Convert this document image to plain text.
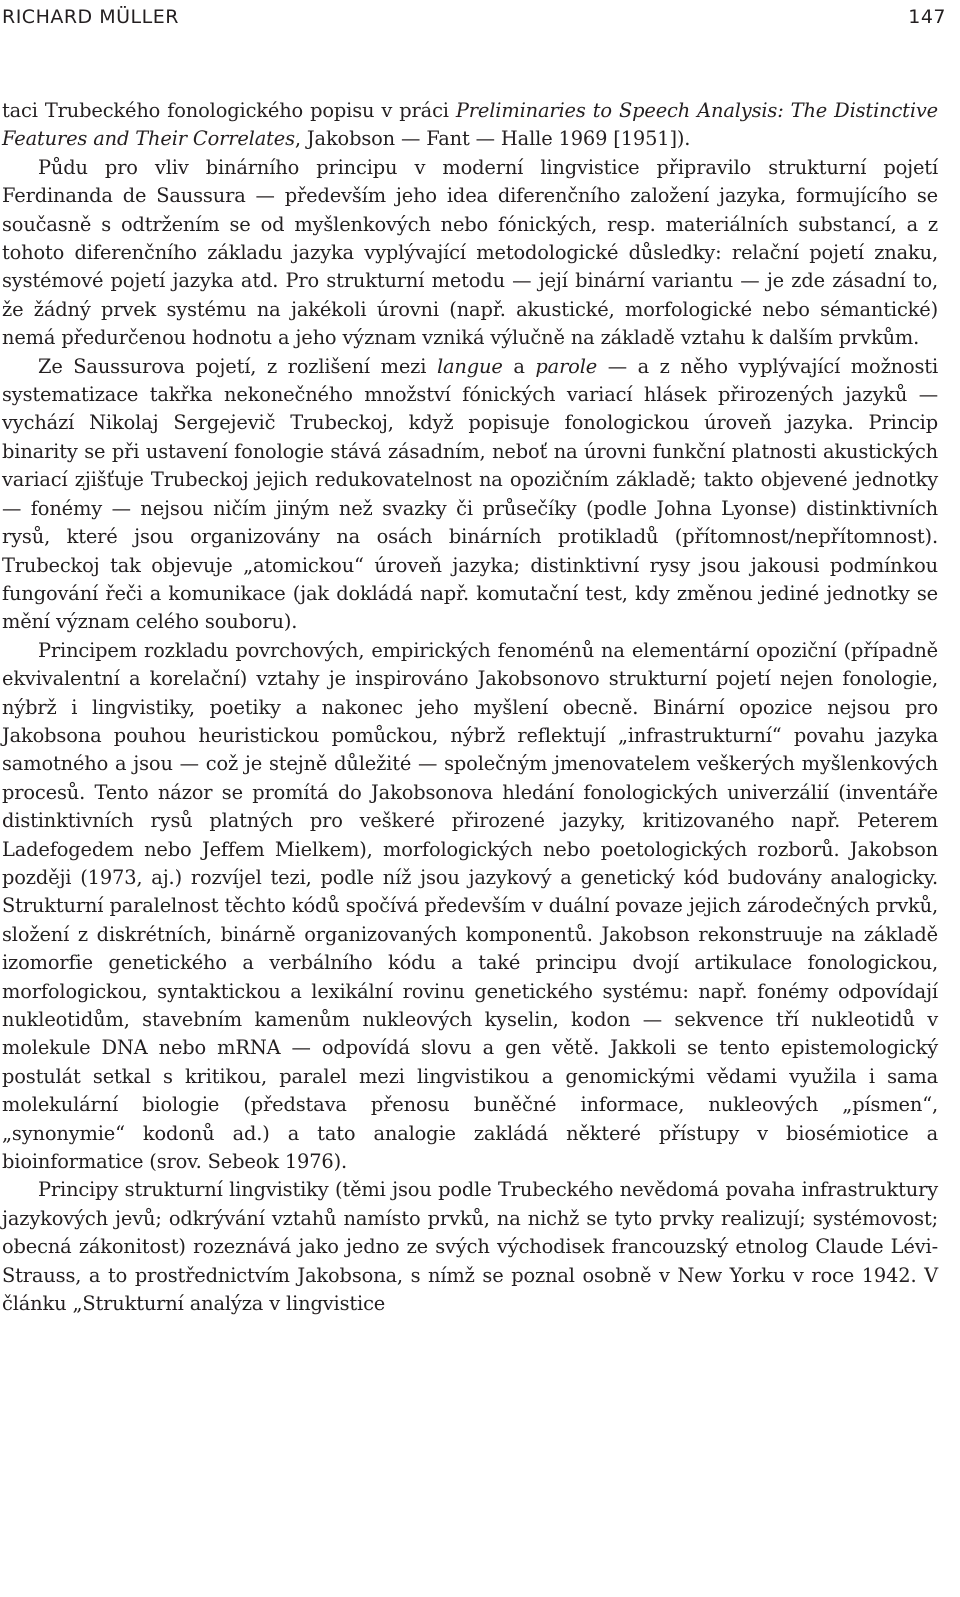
RICHARD MÜLLER	147

taci Trubeckého fonologického popisu v práci Preliminaries to Speech Analysis: The Distinctive Features and Their Correlates, Jakobson — Fant — Halle 1969 [1951]).

Půdu pro vliv binárního principu v moderní lingvistice připravilo strukturní pojetí Ferdinanda de Saussura — především jeho idea diferenčního založení jazyka, formujícího se současně s odtržením se od myšlenkových nebo fónických, resp. materiálních substancí, a z tohoto diferenčního základu jazyka vyplývající metodologické důsledky: relační pojetí znaku, systémové pojetí jazyka atd. Pro strukturní metodu — její binární variantu — je zde zásadní to, že žádný prvek systému na jakékoli úrovni (např. akustické, morfologické nebo sémantické) nemá předurčenou hodnotu a jeho význam vzniká výlučně na základě vztahu k dalším prvkům.

Ze Saussurova pojetí, z rozlišení mezi langue a parole — a z něho vyplývající možnosti systematizace takřka nekonečného množství fónických variací hlásek přirozených jazyků — vychází Nikolaj Sergejevič Trubeckoj, když popisuje fonologickou úroveň jazyka. Princip binarity se při ustavení fonologie stává zásadním, neboť na úrovni funkční platnosti akustických variací zjišťuje Trubeckoj jejich redukovatelnost na opozičním základě; takto objevené jednotky — fonémy — nejsou ničím jiným než svazky či průsečíky (podle Johna Lyonse) distinktivních rysů, které jsou organizovány na osách binárních protikladů (přítomnost/nepřítomnost). Trubeckoj tak objevuje „atomickou“ úroveň jazyka; distinktivní rysy jsou jakousi podmínkou fungování řeči a komunikace (jak dokládá např. komutační test, kdy změnou jediné jednotky se mění význam celého souboru).

Principem rozkladu povrchových, empirických fenoménů na elementární opoziční (případně ekvivalentní a korelační) vztahy je inspirováno Jakobsonovo strukturní pojetí nejen fonologie, nýbrž i lingvistiky, poetiky a nakonec jeho myšlení obecně. Binární opozice nejsou pro Jakobsona pouhou heuristickou pomůckou, nýbrž reflektují „infrastrukturní“ povahu jazyka samotného a jsou — což je stejně důležité — společným jmenovatelem veškerých myšlenkových procesů. Tento názor se promítá do Jakobsonova hledání fonologických univerzálií (inventáře distinktivních rysů platných pro veškeré přirozené jazyky, kritizovaného např. Peterem Ladefogedem nebo Jeffem Mielkem), morfologických nebo poetologických rozborů. Jakobson později (1973, aj.) rozvíjel tezi, podle níž jsou jazykový a genetický kód budovány analogicky. Strukturní paralelnost těchto kódů spočívá především v duální povaze jejich zárodečných prvků, složení z diskrétních, binárně organizovaných komponentů. Jakobson rekonstruuje na základě izomorfie genetického a verbálního kódu a také principu dvojí artikulace fonologickou, morfologickou, syntaktickou a lexikální rovinu genetického systému: např. fonémy odpovídají nukleotidům, stavebním kamenům nukleových kyselin, kodon — sekvence tří nukleotidů v molekule DNA nebo mRNA — odpovídá slovu a gen větě. Jakkoli se tento epistemologický postulát setkal s kritikou, paralel mezi lingvistikou a genomickými vědami využila i sama molekulární biologie (představa přenosu buněčné informace, nukleových „písmen“, „synonymie“ kodonů ad.) a tato analogie zakládá některé přístupy v biosémiotice a bioinformatice (srov. Sebeok 1976).

Principy strukturní lingvistiky (těmi jsou podle Trubeckého nevědomá povaha infrastruktury jazykových jevů; odkrývání vztahů namísto prvků, na nichž se tyto prvky realizují; systémovost; obecná zákonitost) rozeznává jako jedno ze svých východisek francouzský etnolog Claude Lévi-Strauss, a to prostřednictvím Jakobsona, s nímž se poznal osobně v New Yorku v roce 1942. V článku „Strukturní analýza v lingvistice
